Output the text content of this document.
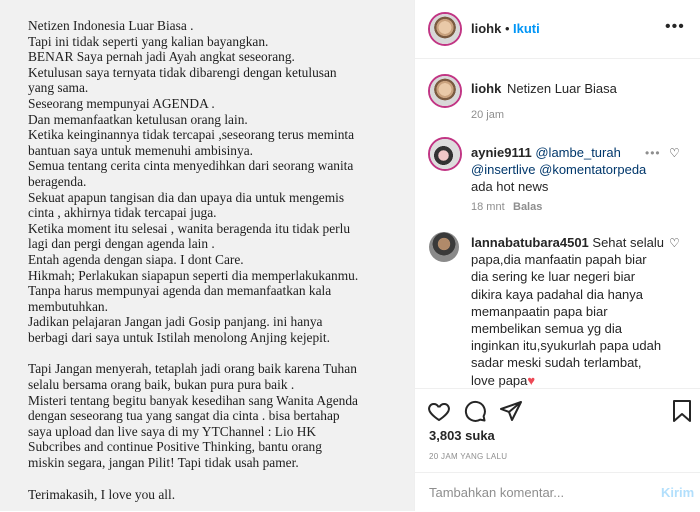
Netizen Indonesia Luar Biasa .

Tapi ini tidak seperti yang kalian bayangkan.

BENAR Saya pernah jadi Ayah angkat seseorang.

Ketulusan saya ternyata tidak dibarengi dengan ketulusan

yang sama.

Seseorang mempunyai AGENDA .

Dan memanfaatkan ketulusan orang lain.

Ketika keinginannya tidak tercapai ,seseorang terus meminta

bantuan saya untuk memenuhi ambisinya.

Semua tentang cerita cinta menyedihkan dari seorang wanita

beragenda.

Sekuat apapun tangisan dia dan upaya dia untuk mengemis

cinta , akhirnya tidak tercapai juga.

Ketika moment itu selesai , wanita beragenda itu tidak perlu

lagi dan pergi dengan agenda lain .

Entah agenda dengan siapa. I dont Care.

Hikmah; Perlakukan siapapun seperti dia memperlakukanmu.

Tanpa harus mempunyai agenda dan memanfaatkan kala

membutuhkan.

Jadikan pelajaran Jangan jadi Gosip panjang. ini hanya

berbagi dari saya untuk Istilah menolong Anjing kejepit.

Tapi Jangan menyerah, tetaplah jadi orang baik karena Tuhan

selalu bersama orang baik, bukan pura pura baik .

Misteri tentang begitu banyak kesedihan sang Wanita Agenda

dengan seseorang tua yang sangat dia cinta . bisa bertahap

saya upload dan live saya di my YTChannel : Lio HK

Subcribes and continue Positive Thinking, bantu orang

miskin segara, jangan Pilit! Tapi tidak usah pamer.

Terimakasih, I love you all.

liohk • Ikuti	•••
liohk Netizen Luar Biasa
20 jam
aynie9111 @lambe_turah @insertlive @komentatorpeda ada hot news
••• ♡
18 mnt Balas
lannabatubara4501 Sehat selalu papa,dia manfaatin papah biar dia sering ke luar negeri biar dikira kaya padahal dia hanya memanpaatin papa biar membelikan semua yg dia inginkan itu,syukurlah papa udah sadar meski sudah terlambat, love papa♥
♡
3,803 suka
20 JAM YANG LALU
Tambahkan komentar...
Kirim
